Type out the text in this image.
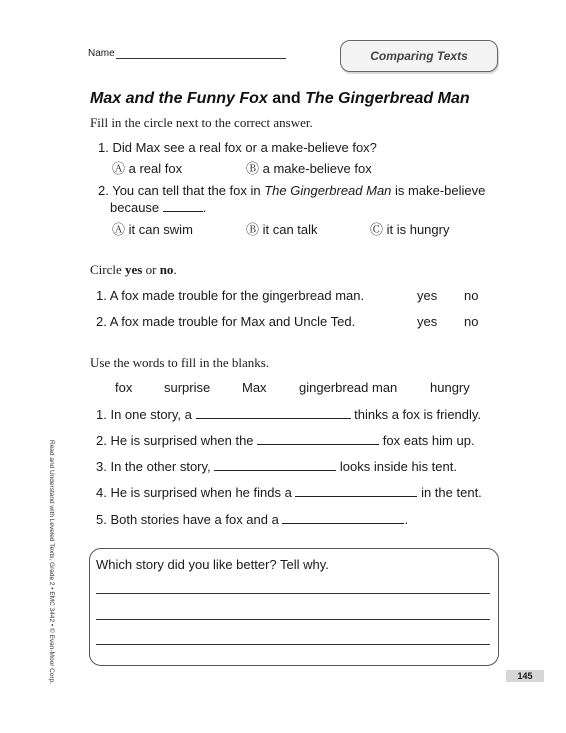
Name	Comparing Texts
Max and the Funny Fox and The Gingerbread Man
Fill in the circle next to the correct answer.
1. Did Max see a real fox or a make-believe fox?
Ⓐ a real fox	Ⓑ a make-believe fox
2. You can tell that the fox in The Gingerbread Man is make-believe
because	.
Ⓐ it can swim	Ⓑ it can talk	Ⓒ it is hungry
Circle yes or no.
1. A fox made trouble for the gingerbread man.	yes no
2. A fox made trouble for Max and Uncle Ted.	yes no
Use the words to fill in the blanks.
fox surprise Max gingerbread man	hungry
1. In one story, a	thinks a fox is friendly.
2. He is surprised when the	fox eats him up.
3. In the other story,	looks inside his tent.
4. He is surprised when he finds a	in the tent.
5. Both stories have a fox and a	.
Read and Understand with Leveled Texts, Grade 2 • EMC 3442 • © Evan-Moor Corp.	Which story did you like better? Tell why.
145
